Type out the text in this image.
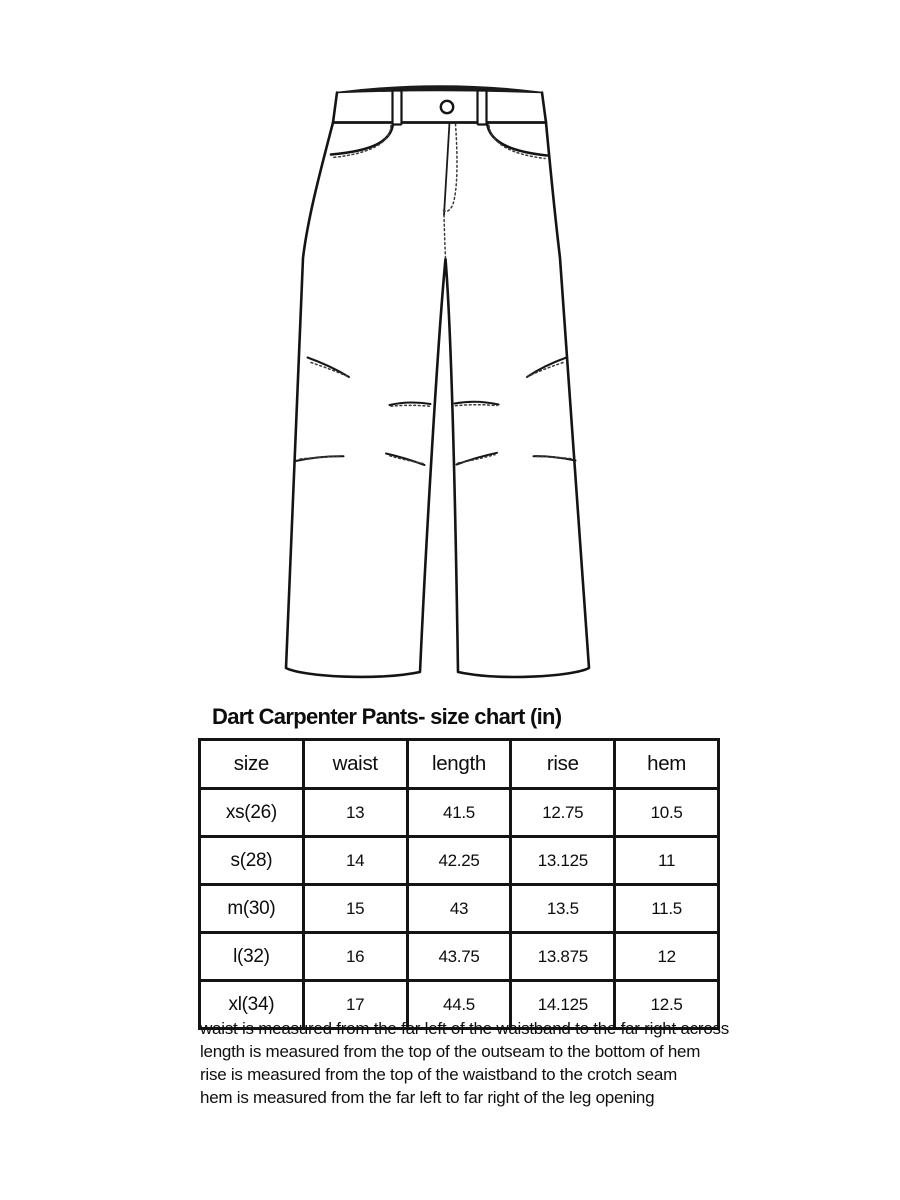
Dart Carpenter Pants- size chart (in)
size	waist	length	rise	hem
xs(26)	13	41.5	12.75	10.5
s(28)	14	42.25	13.125	11
m(30)	15	43	13.5	11.5
l(32)	16	43.75	13.875	12
xl(34)	17	44.5	14.125	12.5
waist is measured from the far left of the waistband to the far right across
length is measured from the top of the outseam to the bottom of hem
rise is measured from the top of the waistband to the crotch seam
hem is measured from the far left to far right of the leg opening
